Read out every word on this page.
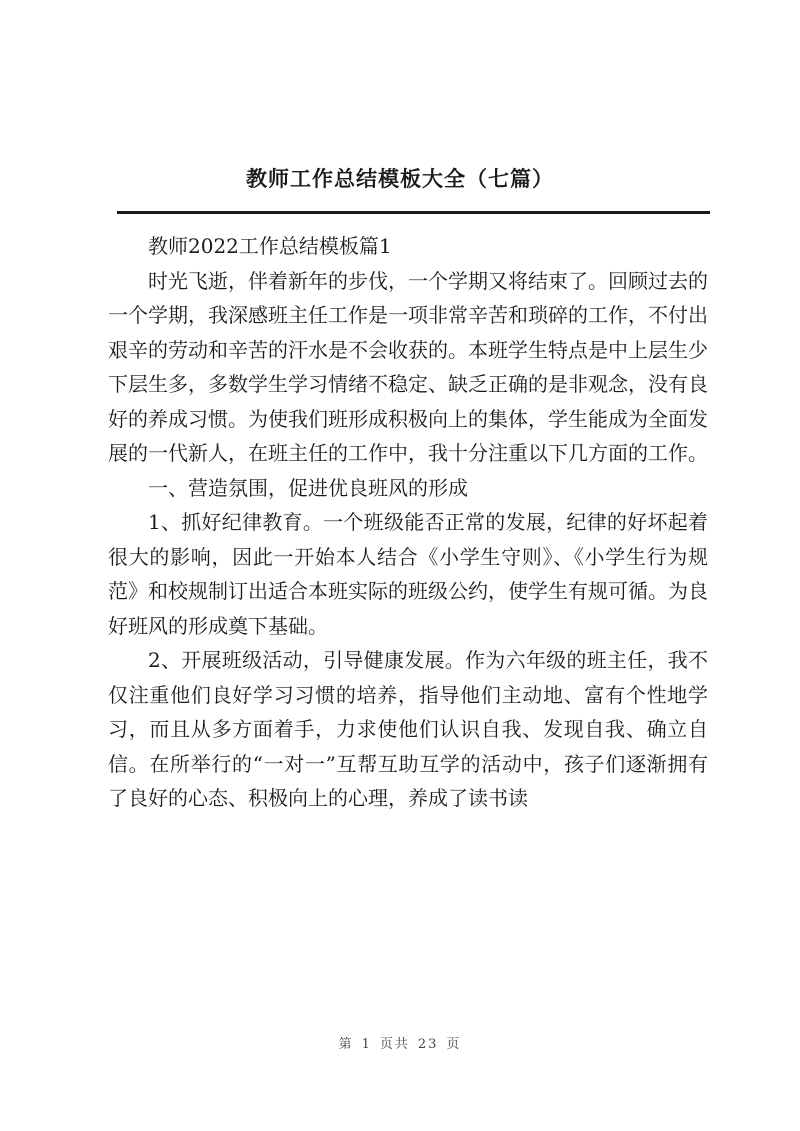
教师工作总结模板大全（七篇）

教师2022工作总结模板篇1

时光飞逝，伴着新年的步伐，一个学期又将结束了。回顾过去的一个学期，我深感班主任工作是一项非常辛苦和琐碎的工作，不付出艰辛的劳动和辛苦的汗水是不会收获的。本班学生特点是中上层生少下层生多，多数学生学习情绪不稳定、缺乏正确的是非观念，没有良好的养成习惯。为使我们班形成积极向上的集体，学生能成为全面发展的一代新人，在班主任的工作中，我十分注重以下几方面的工作。

一、营造氛围，促进优良班风的形成

1、抓好纪律教育。一个班级能否正常的发展，纪律的好坏起着很大的影响，因此一开始本人结合《小学生守则》、《小学生行为规范》和校规制订出适合本班实际的班级公约，使学生有规可循。为良好班风的形成奠下基础。

2、开展班级活动，引导健康发展。作为六年级的班主任，我不仅注重他们良好学习习惯的培养，指导他们主动地、富有个性地学习，而且从多方面着手，力求使他们认识自我、发现自我、确立自信。在所举行的“一对一”互帮互助互学的活动中，孩子们逐渐拥有了良好的心态、积极向上的心理，养成了读书读

第 1 页共 23 页
